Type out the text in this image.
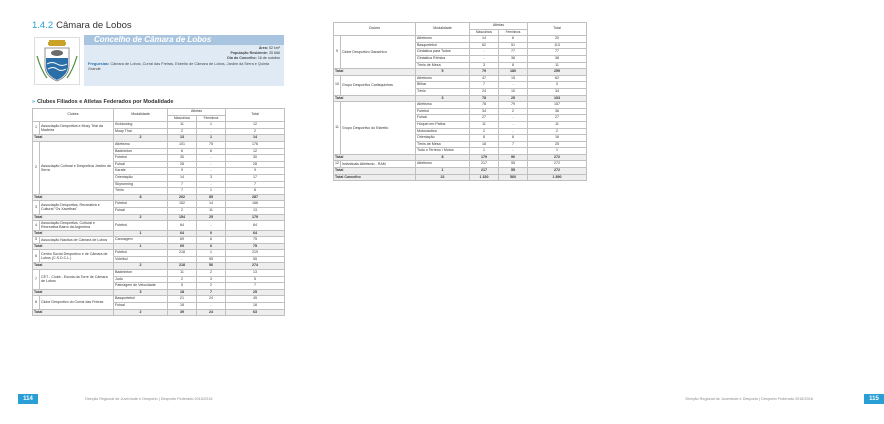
1.4.2 Câmara de Lobos
Concelho de Câmara de Lobos
Área: 52 km²
População Residente: 35 666
Dia do Concelho: 16 de outubro
Freguesias: Câmara de Lobos, Curral das Freiras, Estreito de Câmara de Lobos, Jardim da Serra e Quinta Grande
» Clubes Filiados e Atletas Federados por Modalidade
Clubes		Modalidade	Atletas		Total
			Masculinos	Femininos	
1	Associação Desportiva e Musy Trial da Madeira	Kickboxing	11	1	12
		Muay Thai	2	-	2
Total		2	13	1	14
2	Associação Cultural e Desportiva Jardim da Serra	Atletismo	101	75	176
		Badminton	6	6	12
		Futebol	30	-	30
		Futsal	28	-	28
		Karate	9	-	9
		Orientação	14	3	17
		Skyrunning	7	-	7
		Ténis	7	1	8
Total		8	202	85	287
3	Associação Desportiva, Recreativa e Cultural "Os Xavelhas"	Futebol	152	14	166
		Futsal	2	11	13
Total		2	154	25	179
4	Associação Desportiva, Cultural e Recreativa Bairro da Argentina	Futebol	64	-	64
Total		1	64	0	64
5	Associação Náutica de Câmara de Lobos	Canoagem	69	6	75
Total		1	69	6	75
6	Centro Social Desportivo e de Câmara de Lobos (C.S.D.C.L.)	Futebol	218	1	219
		Voleibol	-	55	55
Total		2	218	56	274
7	CET - Clube - Escola da Torre de Câmara de Lobos	Badminton	11	2	13
		Judo	2	3	5
		Patinagem de Velocidade	5	2	7
Total		3	18	7	25
8	Clube Desportivo do Curral das Freiras	Basquetebol	21	24	45
		Futsal	18	-	18
Total		2	39	24	63
114	Direção Regional de Juventude e Desporto | Desporto Federado 2015/2016
Clubes		Modalidade	Atletas		Total
			Masculinos	Femininos	
9	Clube Desportivo Garachico	Atletismo	14	6	20
		Basquetebol	62	51	113
		Ginástica para Todos	-	77	77
		Ginástica Rítmica	-	38	38
		Ténis de Mesa	3	8	11
Total		5	79	180	259
10	Grupo Desportivo Carlisquinhas	Atletismo	47	15	62
		Bilhar	7	-	0
		Ténis	24	10	34
Total		3	78	25	103
11	Grupo Desportivo do Estreito	Atletismo	78	79	157
		Futebol	34	2	36
		Futsal	27	-	27
		Hóquei em Patins	11	-	11
		Motonáutica	2	-	2
		Orientação	8	8	16
		Ténis de Mesa	18	7	25
		Todo o Terreno / Motos	1	-	1
Total		8	179	96	272
12	Individuais Atletismo - RAM	Atletismo	217	55	272
Total		1	217	55	272
Total Concelho		22	1 320	560	1 890
Direção Regional de Juventude e Desporto | Desporto Federado 2015/2016	115
